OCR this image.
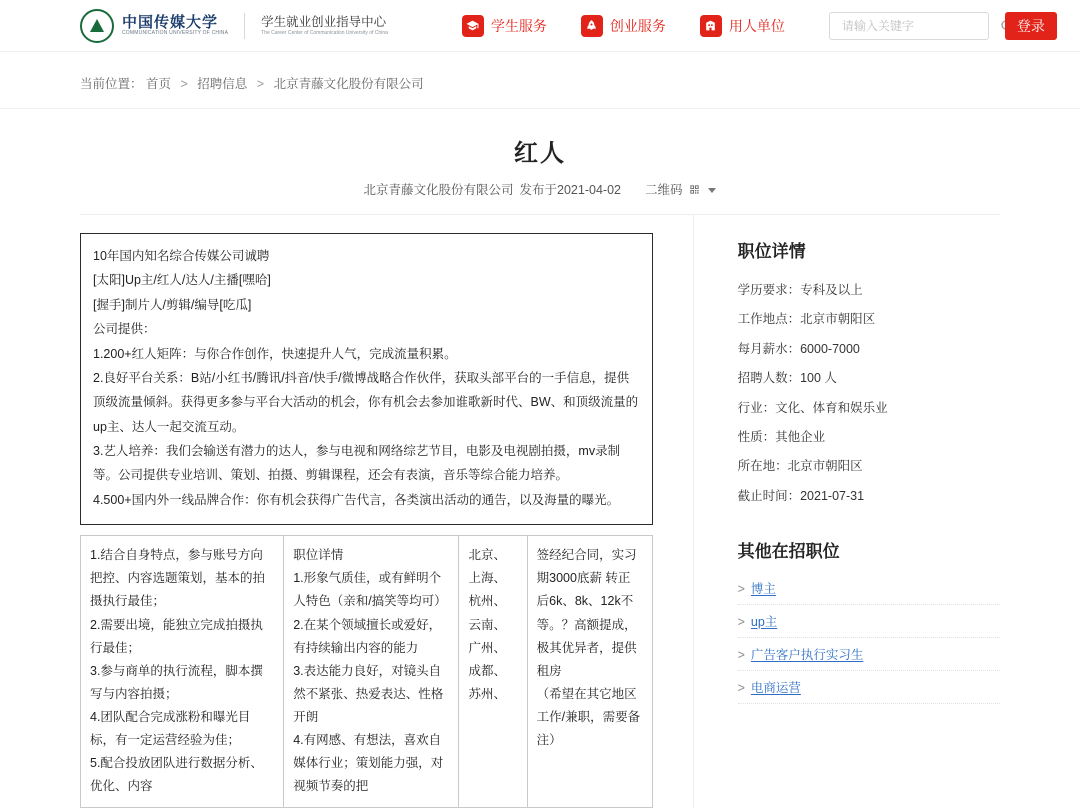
中国传媒大学
COMMUNICATION UNIVERSITY OF CHINA
学生就业创业指导中心
The Career Center of Communication University of China	学生服务	创业服务	用人单位
请输入关键字	登录
当前位置： 首页 > 招聘信息 > 北京青藤文化股份有限公司
红人
北京青藤文化股份有限公司 发布于2021-04-02 二维码

10年国内知名综合传媒公司诚聘

[太阳]Up主/红人/达人/主播[嘿哈]

[握手]制片人/剪辑/编导[吃瓜]

公司提供：

1.200+红人矩阵：与你合作创作，快速提升人气，完成流量积累。

2.良好平台关系：B站/小红书/腾讯/抖音/快手/微博战略合作伙伴，获取头部平台的一手信息，提供顶级流量倾斜。获得更多参与平台大活动的机会，你有机会去参加谁歌新时代、BW、和顶级流量的up主、达人一起交流互动。

3.艺人培养：我们会输送有潜力的达人，参与电视和网络综艺节目，电影及电视剧拍摄，mv录制等。公司提供专业培训、策划、拍摄、剪辑课程，还会有表演，音乐等综合能力培养。

4.500+国内外一线品牌合作：你有机会获得广告代言，各类演出活动的通告，以及海量的曝光。

1.结合自身特点，参与账号方向把控、内容选题策划，基本的拍摄执行最佳；
2.需要出境，能独立完成拍摄执行最佳；
3.参与商单的执行流程，脚本撰写与内容拍摄；
4.团队配合完成涨粉和曝光目标，有一定运营经验为佳；
5.配合投放团队进行数据分析、优化、内容

职位详情
1.形象气质佳，或有鲜明个人特色（亲和/搞笑等均可）
2.在某个领域擅长或爱好，有持续输出内容的能力
3.表达能力良好，对镜头自然不紧张、热爱表达、性格开朗
4.有网感、有想法，喜欢自媒体行业；策划能力强，对视频节奏的把

北京、
上海、
杭州、
云南、
广州、
成都、
苏州、

签经纪合同，实习期3000底薪 转正后6k、8k、12k不等。？高额提成，极其优异者，提供租房
（希望在其它地区工作/兼职，需要备注）
职位详情
学历要求：专科及以上
工作地点：北京市朝阳区
每月薪水：6000-7000
招聘人数：100 人
行业：文化、体育和娱乐业
性质：其他企业
所在地：北京市朝阳区
截止时间：2021-07-31
其他在招职位
> 博主
> up主
> 广告客户执行实习生
> 电商运营
